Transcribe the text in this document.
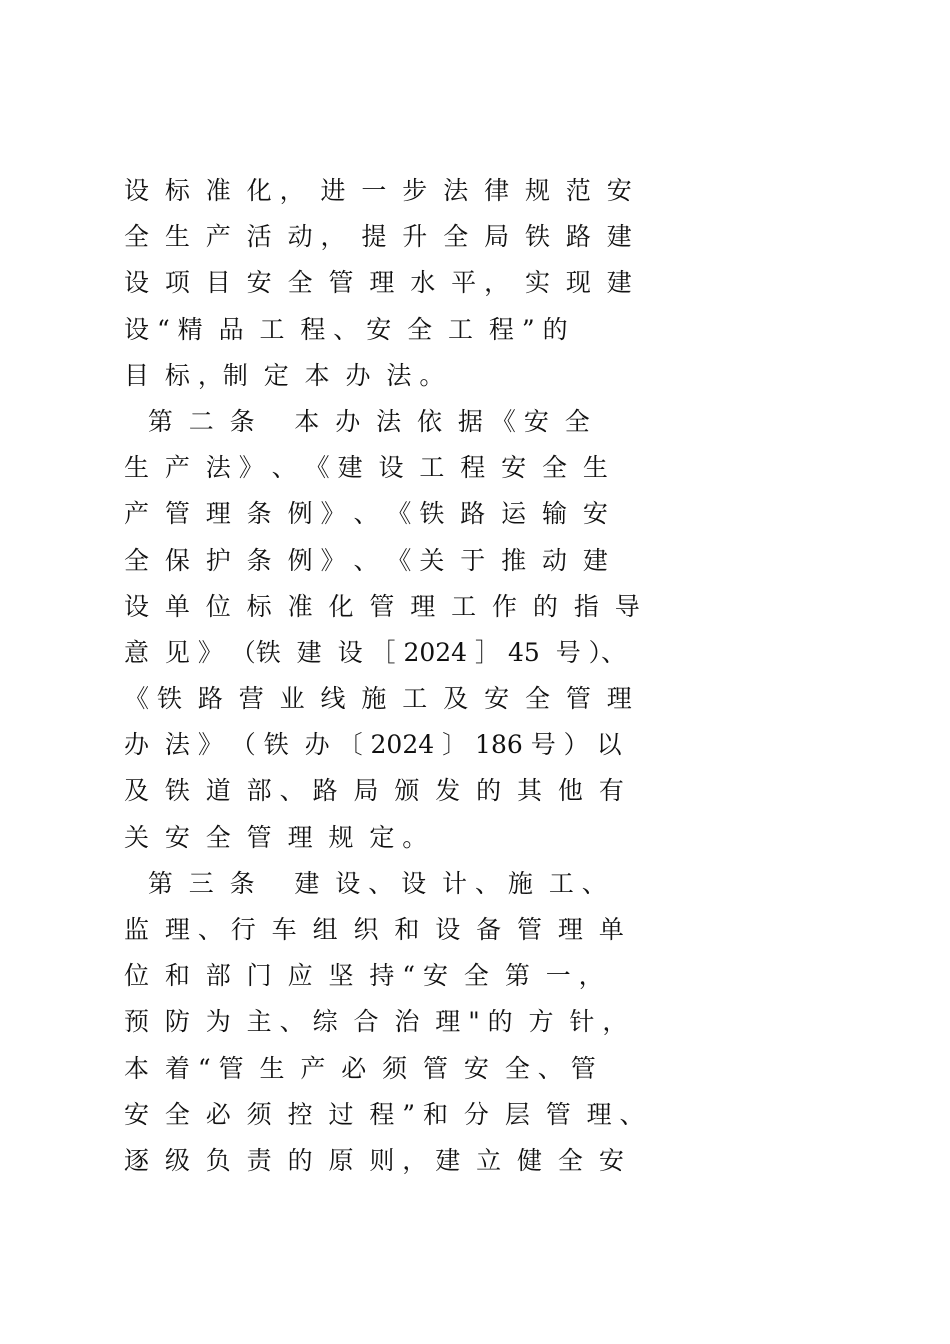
设  标  准  化 ，  进  一  步  法  律  规  范  安
全  生  产  活  动 ，  提  升  全  局  铁  路  建
设  项  目  安  全  管  理  水  平 ，  实  现  建
设 “ 精  品  工  程 、 安  全  工  程 ” 的
目  标 ，制  定  本  办  法 。
第  二  条     本  办  法  依  据 《 安  全
生  产  法 》 、 《 建  设  工  程  安  全  生
产  管  理  条  例 》 、 《 铁  路  运  输  安
全  保  护  条  例 》 、 《 关  于  推  动  建
设  单  位  标  准  化  管  理  工  作  的  指  导
意  见 》 （铁  建  设 ［ 2024 ］ 45  号 ）、
《 铁  路  营  业  线  施  工  及  安  全  管  理
办  法 》 （ 铁  办 〔 2024 〕 186 号 ） 以
及  铁  道  部 、 路  局  颁  发  的  其  他  有
关  安  全  管  理  规  定 。
第  三  条     建  设 、 设  计 、 施  工 、
监  理 、 行  车  组  织  和  设  备  管  理  单
位  和  部  门  应  坚  持 “ 安  全  第  一 ，
预  防  为  主 、 综  合  治  理 " 的  方  针 ，
本  着 “ 管  生  产  必  须  管  安  全 、 管
安  全  必  须  控  过  程 ” 和  分  层  管  理 、
逐  级  负  责  的  原  则 ， 建  立  健  全  安
